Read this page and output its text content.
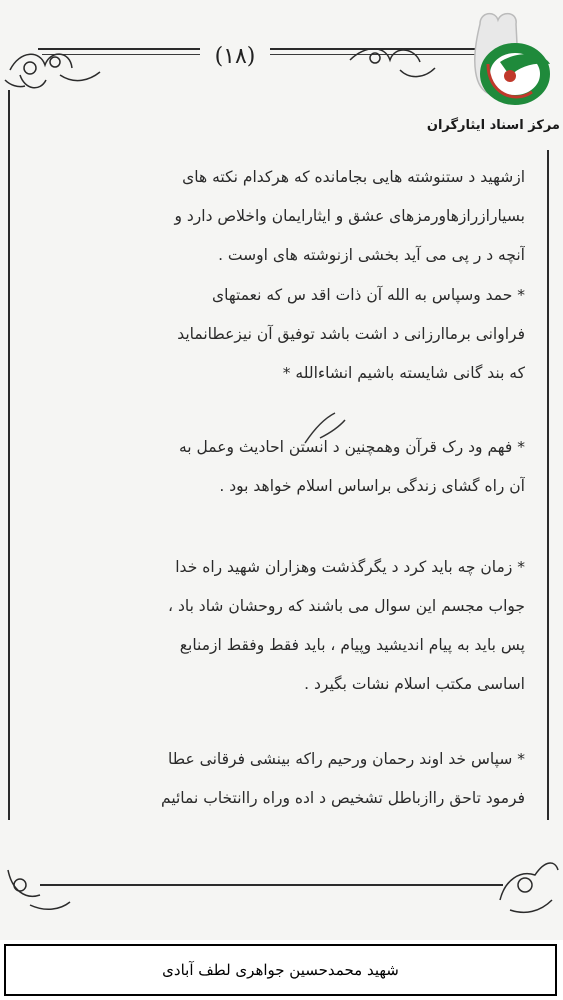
(۱۸)
مرکز اسناد ایثارگران

ازشهید د ستنوشته هایی بجامانده که هرکدام نکته های

بسیارازرازهاورمزهای عشق و ایثارایمان واخلاص دارد و

آنچه د ر پی می آید بخشی ازنوشته های اوست .

* حمد وسپاس به الله آن ذات اقد س که نعمتهای

فراوانی برماارزانی د اشت باشد توفیق آن نیزعطانماید

که بند گانی شایسته باشیم انشاءالله *

* فهم ود رک قرآن وهمچنین د انستن احادیث وعمل به

آن راه گشای زندگی براساس اسلام خواهد بود .

* زمان چه باید کرد د یگرگذشت وهزاران شهید راه خدا

جواب مجسم این سوال می باشند که روحشان شاد باد ،

پس باید به پیام اندیشید وپیام ، باید فقط وفقط ازمنابع

اساسی مکتب اسلام نشات بگیرد .

* سپاس خد اوند رحمان ورحیم راکه بینشی فرقانی عطا

فرمود تاحق راازباطل تشخیص د اده وراه راانتخاب نمائیم

شهید محمدحسین جواهری لطف آبادی
